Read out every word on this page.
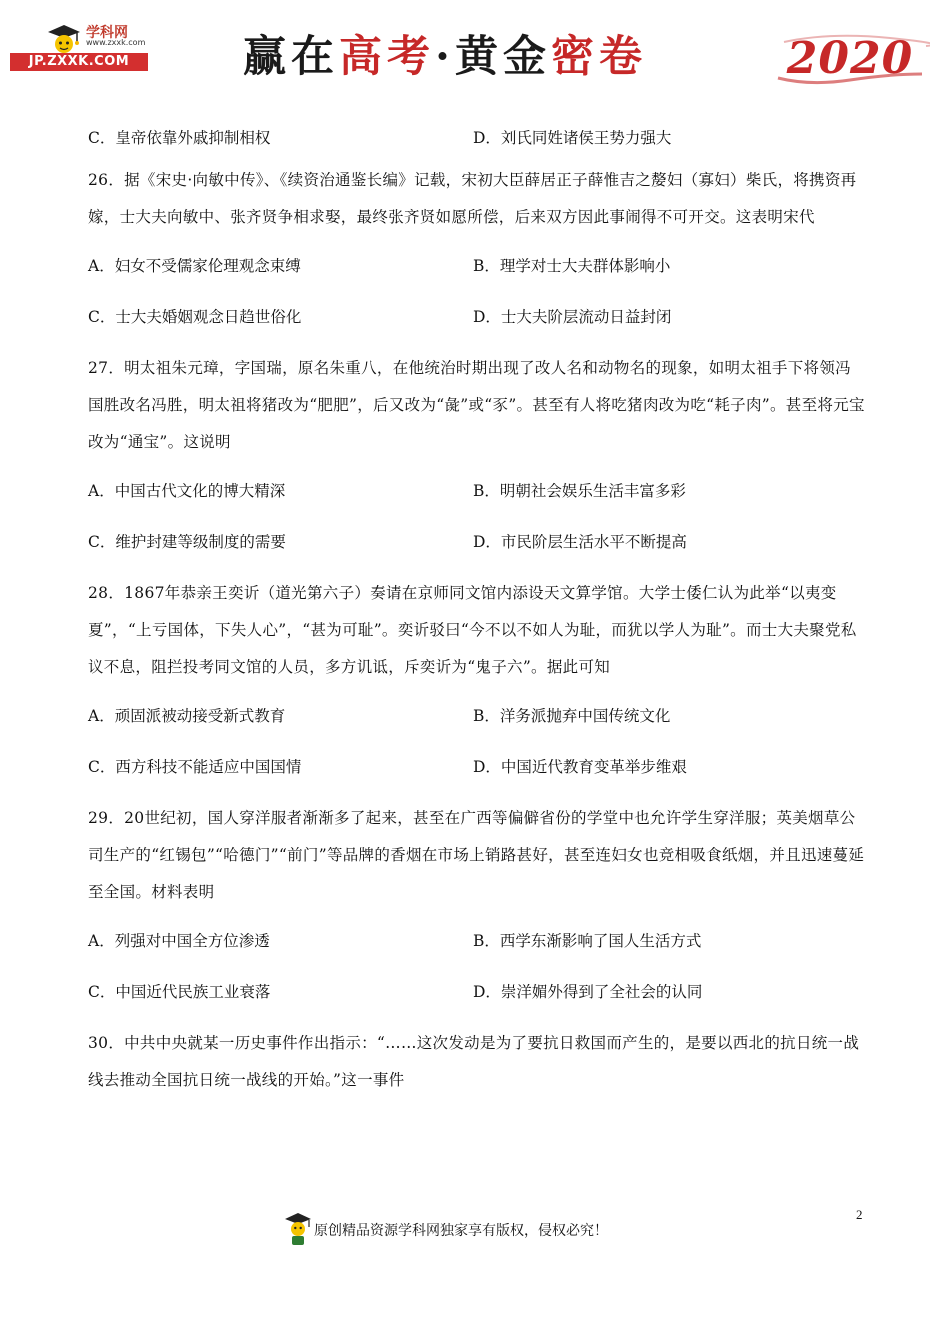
学科网
www.zxxk.com
JP.ZXXK.COM	赢在高考·黄金密卷	2020
C．皇帝依靠外戚抑制相权	D．刘氏同姓诸侯王势力强大

26．据《宋史·向敏中传》、《续资治通鉴长编》记载，宋初大臣薛居正子薛惟吉之嫠妇（寡妇）柴氏，将携资再嫁，士大夫向敏中、张齐贤争相求娶，最终张齐贤如愿所偿，后来双方因此事闹得不可开交。这表明宋代

A．妇女不受儒家伦理观念束缚	B．理学对士大夫群体影响小
C．士大夫婚姻观念日趋世俗化	D．士大夫阶层流动日益封闭

27．明太祖朱元璋，字国瑞，原名朱重八，在他统治时期出现了改人名和动物名的现象，如明太祖手下将领冯国胜改名冯胜，明太祖将猪改为“肥肥”，后又改为“彘”或“豕”。甚至有人将吃猪肉改为吃“耗子肉”。甚至将元宝改为“通宝”。这说明

A．中国古代文化的博大精深	B．明朝社会娱乐生活丰富多彩
C．维护封建等级制度的需要	D．市民阶层生活水平不断提高

28．1867年恭亲王奕䜣（道光第六子）奏请在京师同文馆内添设天文算学馆。大学士倭仁认为此举“以夷变夏”，“上亏国体，下失人心”，“甚为可耻”。奕䜣驳曰“今不以不如人为耻，而犹以学人为耻”。而士大夫聚党私议不息，阻拦投考同文馆的人员，多方讥诋，斥奕䜣为“鬼子六”。据此可知

A．顽固派被动接受新式教育	B．洋务派抛弃中国传统文化
C．西方科技不能适应中国国情	D．中国近代教育变革举步维艰

29．20世纪初，国人穿洋服者渐渐多了起来，甚至在广西等偏僻省份的学堂中也允许学生穿洋服；英美烟草公司生产的“红锡包”“哈德门”“前门”等品牌的香烟在市场上销路甚好，甚至连妇女也竞相吸食纸烟，并且迅速蔓延至全国。材料表明

A．列强对中国全方位渗透	B．西学东渐影响了国人生活方式
C．中国近代民族工业衰落	D．崇洋媚外得到了全社会的认同

30．中共中央就某一历史事件作出指示：“……这次发动是为了要抗日救国而产生的，是要以西北的抗日统一战线去推动全国抗日统一战线的开始。”这一事件

2
原创精品资源学科网独家享有版权，侵权必究！
